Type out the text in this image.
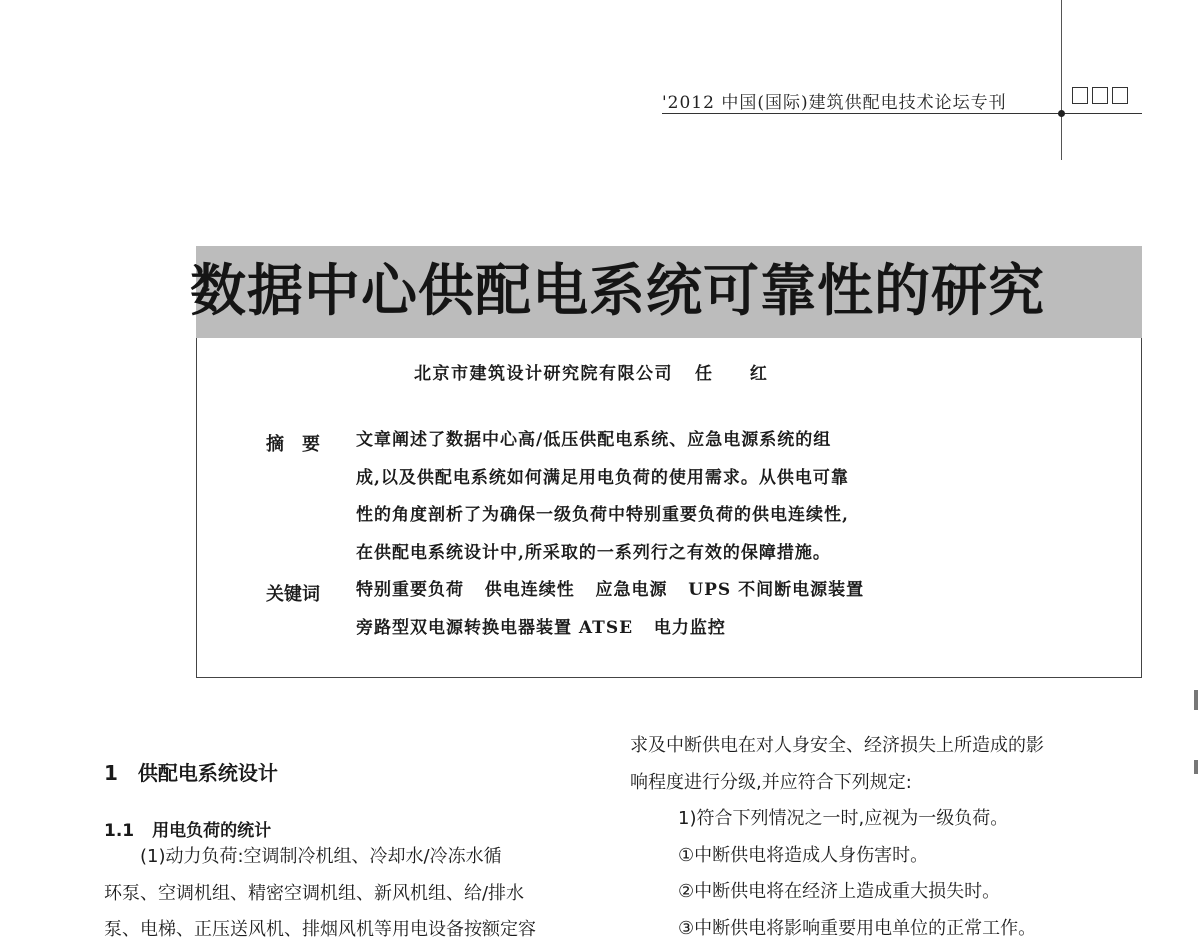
'2012 中国(国际)建筑供配电技术论坛专刊
数据中心供配电系统可靠性的研究
北京市建筑设计研究院有限公司 任 红
摘要 文章阐述了数据中心高/低压供配电系统、应急电源系统的组
成,以及供配电系统如何满足用电负荷的使用需求。从供电可靠
性的角度剖析了为确保一级负荷中特别重要负荷的供电连续性,
在供配电系统设计中,所采取的一系列行之有效的保障措施。
关键词 特别重要负荷   供电连续性   应急电源   UPS 不间断电源装置
旁路型双电源转换电器装置 ATSE   电力监控
1 供配电系统设计
1.1 用电负荷的统计
(1)动力负荷:空调制冷机组、冷却水/冷冻水循
环泵、空调机组、精密空调机组、新风机组、给/排水
泵、电梯、正压送风机、排烟风机等用电设备按额定容
求及中断供电在对人身安全、经济损失上所造成的影
响程度进行分级,并应符合下列规定:
1)符合下列情况之一时,应视为一级负荷。
①中断供电将造成人身伤害时。
②中断供电将在经济上造成重大损失时。
③中断供电将影响重要用电单位的正常工作。
